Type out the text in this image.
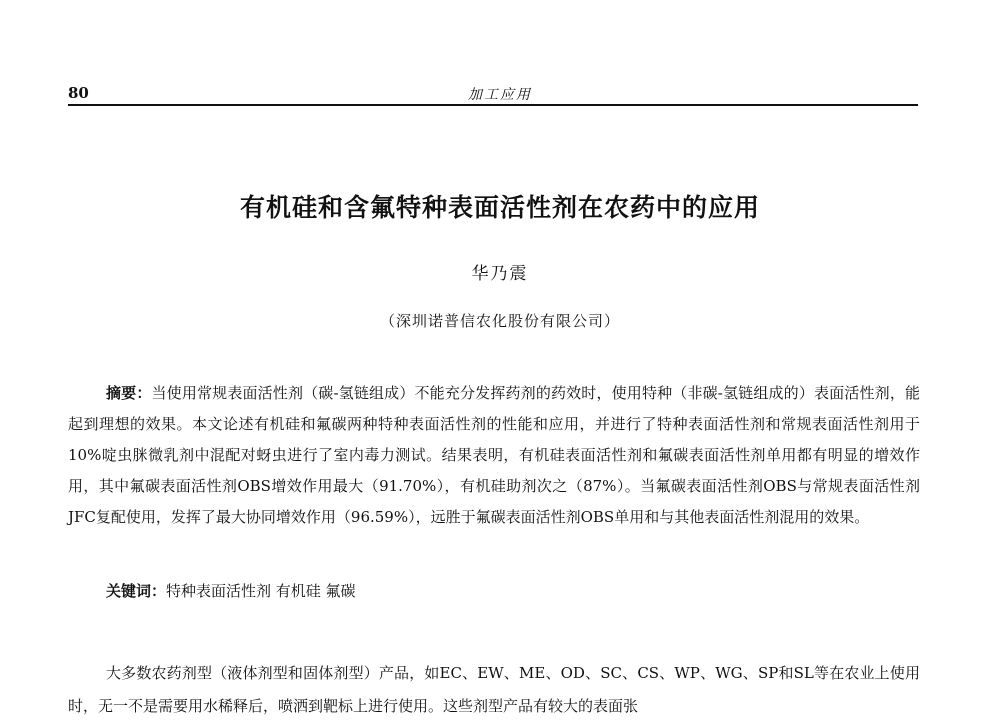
80	加工应用
有机硅和含氟特种表面活性剂在农药中的应用
华乃震
（深圳诺普信农化股份有限公司）

摘要：当使用常规表面活性剂（碳-氢链组成）不能充分发挥药剂的药效时，使用特种（非碳-氢链组成的）表面活性剂，能起到理想的效果。本文论述有机硅和氟碳两种特种表面活性剂的性能和应用，并进行了特种表面活性剂和常规表面活性剂用于10%啶虫脒微乳剂中混配对蚜虫进行了室内毒力测试。结果表明，有机硅表面活性剂和氟碳表面活性剂单用都有明显的增效作用，其中氟碳表面活性剂OBS增效作用最大（91.70%），有机硅助剂次之（87%）。当氟碳表面活性剂OBS与常规表面活性剂JFC复配使用，发挥了最大协同增效作用（96.59%），远胜于氟碳表面活性剂OBS单用和与其他表面活性剂混用的效果。

关键词：特种表面活性剂 有机硅 氟碳

大多数农药剂型（液体剂型和固体剂型）产品，如EC、EW、ME、OD、SC、CS、WP、WG、SP和SL等在农业上使用时，无一不是需要用水稀释后，喷洒到靶标上进行使用。这些剂型产品有较大的表面张
